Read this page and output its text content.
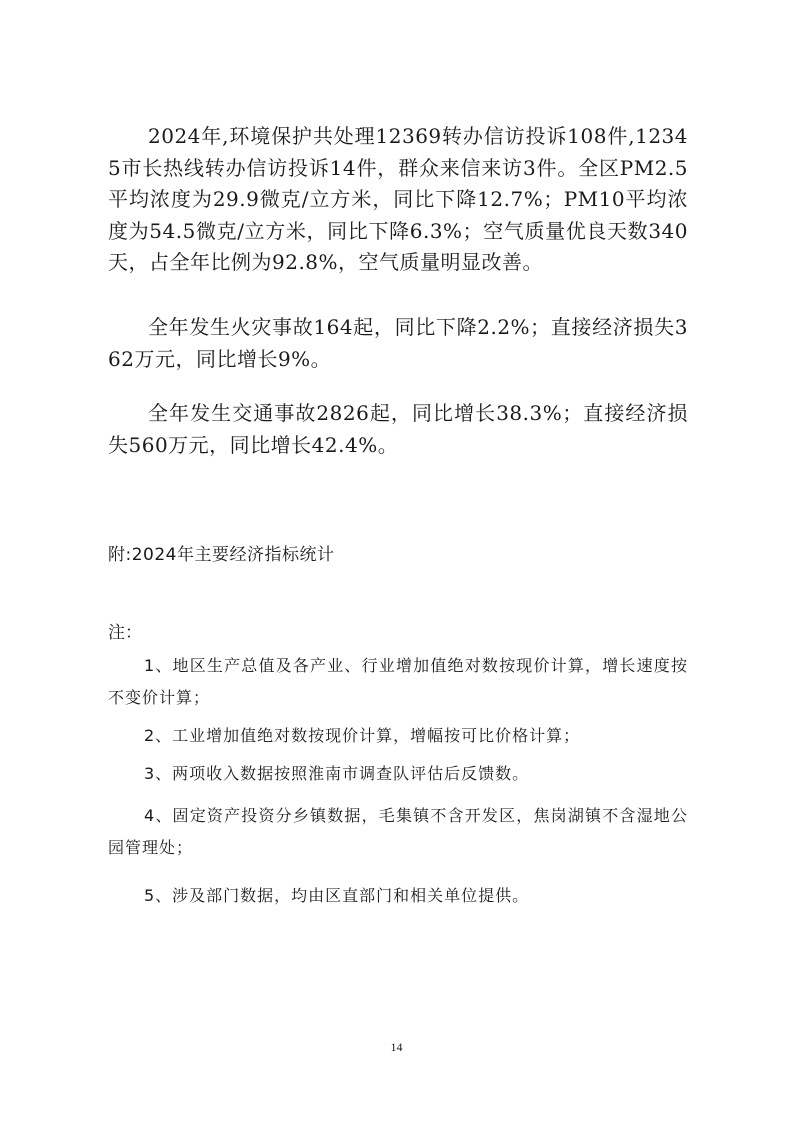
2024年,环境保护共处理12369转办信访投诉108件,12345市长热线转办信访投诉14件，群众来信来访3件。全区PM2.5平均浓度为29.9微克/立方米，同比下降12.7%；PM10平均浓度为54.5微克/立方米，同比下降6.3%；空气质量优良天数340天，占全年比例为92.8%，空气质量明显改善。

全年发生火灾事故164起，同比下降2.2%；直接经济损失362万元，同比增长9%。

全年发生交通事故2826起，同比增长38.3%；直接经济损失560万元，同比增长42.4%。

附:2024年主要经济指标统计

注：

1、地区生产总值及各产业、行业增加值绝对数按现价计算，增长速度按不变价计算；

2、工业增加值绝对数按现价计算，增幅按可比价格计算；

3、两项收入数据按照淮南市调查队评估后反馈数。

4、固定资产投资分乡镇数据，毛集镇不含开发区，焦岗湖镇不含湿地公园管理处；

5、涉及部门数据，均由区直部门和相关单位提供。

14
